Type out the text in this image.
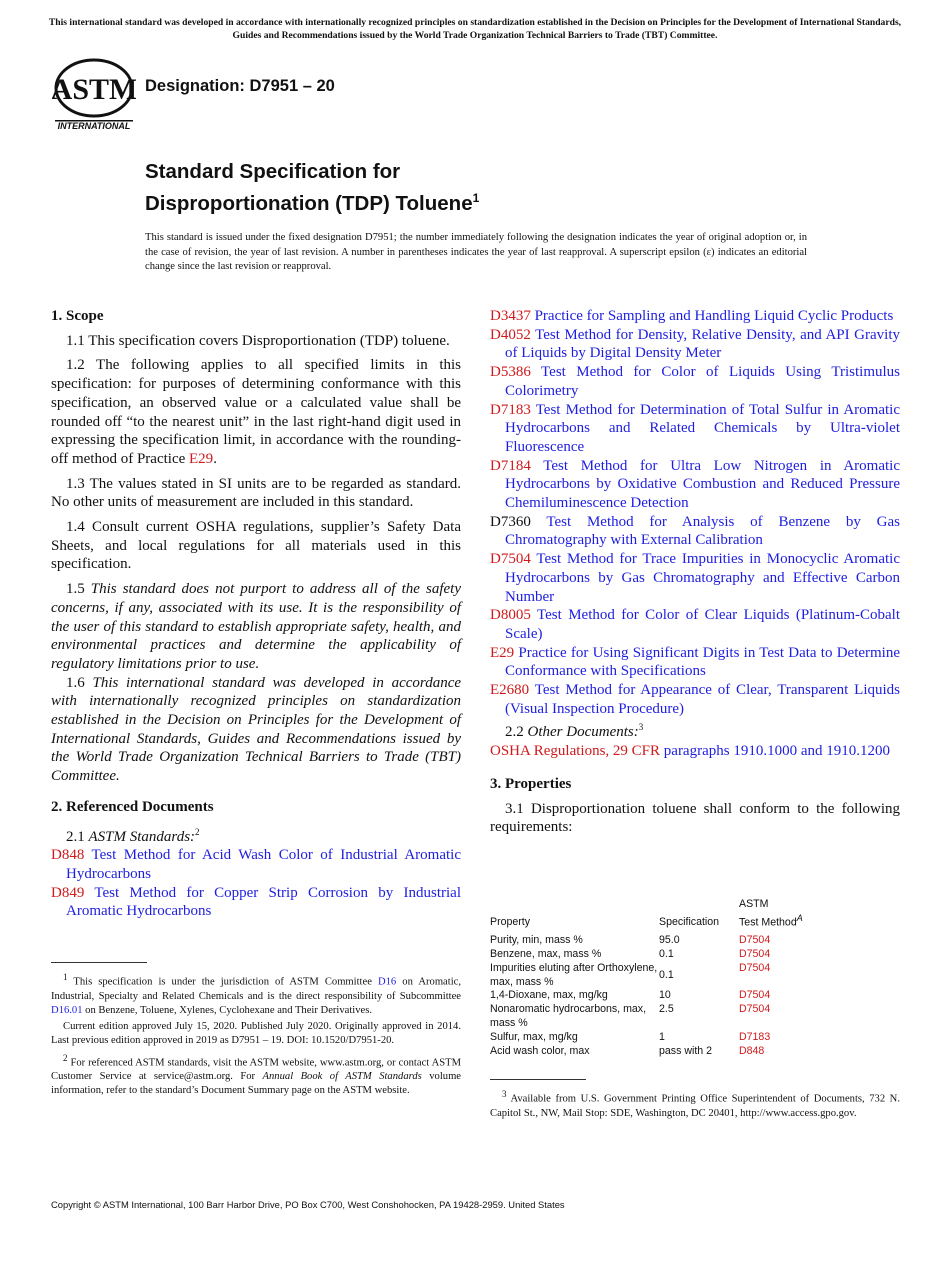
This international standard was developed in accordance with internationally recognized principles on standardization established in the Decision on Principles for the Development of International Standards, Guides and Recommendations issued by the World Trade Organization Technical Barriers to Trade (TBT) Committee.
ASTM
INTERNATIONAL
Designation: D7951 – 20
Standard Specification for
Disproportionation (TDP) Toluene$^1$
This standard is issued under the fixed designation D7951; the number immediately following the designation indicates the year of original adoption or, in the case of revision, the year of last revision. A number in parentheses indicates the year of last reapproval. A superscript epsilon (ε) indicates an editorial change since the last revision or reapproval.
1. Scope
1.1 This specification covers Disproportionation (TDP) toluene.
1.2 The following applies to all specified limits in this specification: for purposes of determining conformance with this specification, an observed value or a calculated value shall be rounded off “to the nearest unit” in the last right-hand digit used in expressing the specification limit, in accordance with the rounding-off method of Practice E29.
1.3 The values stated in SI units are to be regarded as standard. No other units of measurement are included in this standard.
1.4 Consult current OSHA regulations, supplier’s Safety Data Sheets, and local regulations for all materials used in this specification.
1.5 This standard does not purport to address all of the safety concerns, if any, associated with its use. It is the responsibility of the user of this standard to establish appropriate safety, health, and environmental practices and determine the applicability of regulatory limitations prior to use.
1.6 This international standard was developed in accordance with internationally recognized principles on standardization established in the Decision on Principles for the Development of International Standards, Guides and Recommendations issued by the World Trade Organization Technical Barriers to Trade (TBT) Committee.
2. Referenced Documents
2.1 ASTM Standards:$^2$
D848 Test Method for Acid Wash Color of Industrial Aromatic Hydrocarbons
D849 Test Method for Copper Strip Corrosion by Industrial Aromatic Hydrocarbons
$^1$ This specification is under the jurisdiction of ASTM Committee D16 on Aromatic, Industrial, Specialty and Related Chemicals and is the direct responsibility of Subcommittee D16.01 on Benzene, Toluene, Xylenes, Cyclohexane and Their Derivatives.
Current edition approved July 15, 2020. Published July 2020. Originally approved in 2014. Last previous edition approved in 2019 as D7951 – 19. DOI: 10.1520/D7951-20.
$^2$ For referenced ASTM standards, visit the ASTM website, www.astm.org, or contact ASTM Customer Service at service@astm.org. For Annual Book of ASTM Standards volume information, refer to the standard’s Document Summary page on the ASTM website.
D3437 Practice for Sampling and Handling Liquid Cyclic Products
D4052 Test Method for Density, Relative Density, and API Gravity of Liquids by Digital Density Meter
D5386 Test Method for Color of Liquids Using Tristimulus Colorimetry
D7183 Test Method for Determination of Total Sulfur in Aromatic Hydrocarbons and Related Chemicals by Ultra-violet Fluorescence
D7184 Test Method for Ultra Low Nitrogen in Aromatic Hydrocarbons by Oxidative Combustion and Reduced Pressure Chemiluminescence Detection
D7360 Test Method for Analysis of Benzene by Gas Chromatography with External Calibration
D7504 Test Method for Trace Impurities in Monocyclic Aromatic Hydrocarbons by Gas Chromatography and Effective Carbon Number
D8005 Test Method for Color of Clear Liquids (Platinum-Cobalt Scale)
E29 Practice for Using Significant Digits in Test Data to Determine Conformance with Specifications
E2680 Test Method for Appearance of Clear, Transparent Liquids (Visual Inspection Procedure)
2.2 Other Documents:$^3$
OSHA Regulations, 29 CFR paragraphs 1910.1000 and 1910.1200
3. Properties
3.1 Disproportionation toluene shall conform to the following requirements:
Property	Specification	ASTM
Test Method$^A$

Purity, min, mass %	95.0	D7504
Benzene, max, mass %	0.1	D7504
Impurities eluting after Orthoxylene, max, mass %	0.1	D7504
1,4-Dioxane, max, mg/kg	10	D7504
Nonaromatic hydrocarbons, max, mass %	2.5	D7504
Sulfur, max, mg/kg	1	D7183
Acid wash color, max	pass with 2	D848
$^3$ Available from U.S. Government Printing Office Superintendent of Documents, 732 N. Capitol St., NW, Mail Stop: SDE, Washington, DC 20401, http://www.access.gpo.gov.
Copyright © ASTM International, 100 Barr Harbor Drive, PO Box C700, West Conshohocken, PA 19428-2959. United States
